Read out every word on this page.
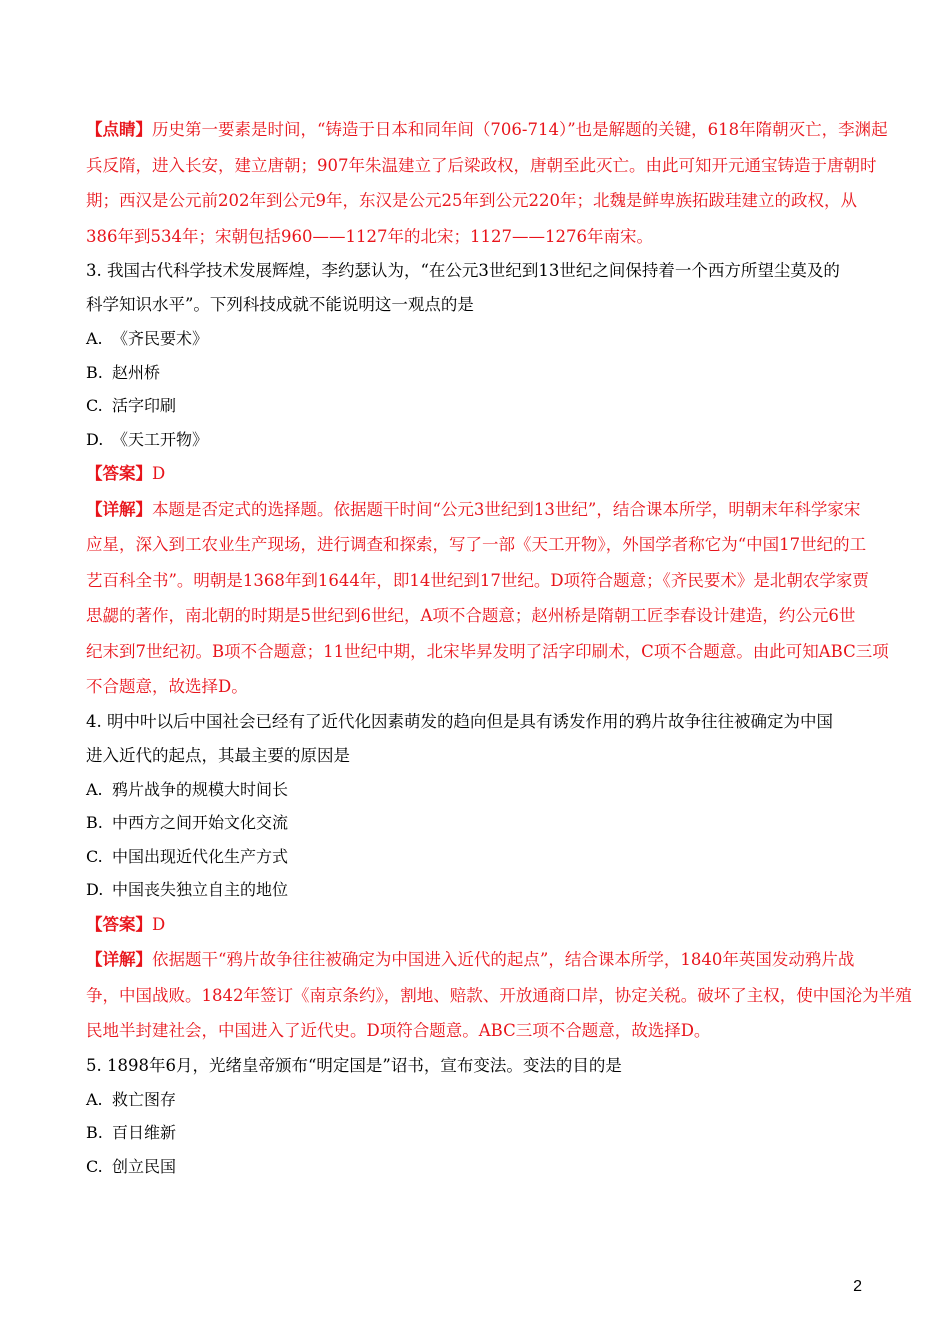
【点睛】历史第一要素是时间，“铸造于日本和同年间（706-714）”也是解题的关键，618年隋朝灭亡，李渊起
兵反隋，进入长安，建立唐朝；907年朱温建立了后梁政权，唐朝至此灭亡。由此可知开元通宝铸造于唐朝时
期；西汉是公元前202年到公元9年，东汉是公元25年到公元220年；北魏是鲜卑族拓跋珪建立的政权，从
386年到534年；宋朝包括960——1127年的北宋；1127——1276年南宋。
3. 我国古代科学技术发展辉煌，李约瑟认为，“在公元3世纪到13世纪之间保持着一个西方所望尘莫及的
科学知识水平”。下列科技成就不能说明这一观点的是
A. 《齐民要术》
B. 赵州桥
C. 活字印刷
D. 《天工开物》
【答案】D
【详解】本题是否定式的选择题。依据题干时间“公元3世纪到13世纪”，结合课本所学，明朝末年科学家宋
应星，深入到工农业生产现场，进行调查和探索，写了一部《天工开物》，外国学者称它为“中国17世纪的工
艺百科全书”。明朝是1368年到1644年，即14世纪到17世纪。D项符合题意；《齐民要术》是北朝农学家贾
思勰的著作，南北朝的时期是5世纪到6世纪，A项不合题意；赵州桥是隋朝工匠李春设计建造，约公元6世
纪末到7世纪初。B项不合题意；11世纪中期，北宋毕昇发明了活字印刷术，C项不合题意。由此可知ABC三项
不合题意，故选择D。
4. 明中叶以后中国社会已经有了近代化因素萌发的趋向但是具有诱发作用的鸦片故争往往被确定为中国
进入近代的起点，其最主要的原因是
A. 鸦片战争的规模大时间长
B. 中西方之间开始文化交流
C. 中国出现近代化生产方式
D. 中国丧失独立自主的地位
【答案】D
【详解】依据题干“鸦片故争往往被确定为中国进入近代的起点”，结合课本所学，1840年英国发动鸦片战
争，中国战败。1842年签订《南京条约》，割地、赔款、开放通商口岸，协定关税。破坏了主权，使中国沦为半殖
民地半封建社会，中国进入了近代史。D项符合题意。ABC三项不合题意，故选择D。
5. 1898年6月，光绪皇帝颁布“明定国是”诏书，宣布变法。变法的目的是
A. 救亡图存
B. 百日维新
C. 创立民国
2
